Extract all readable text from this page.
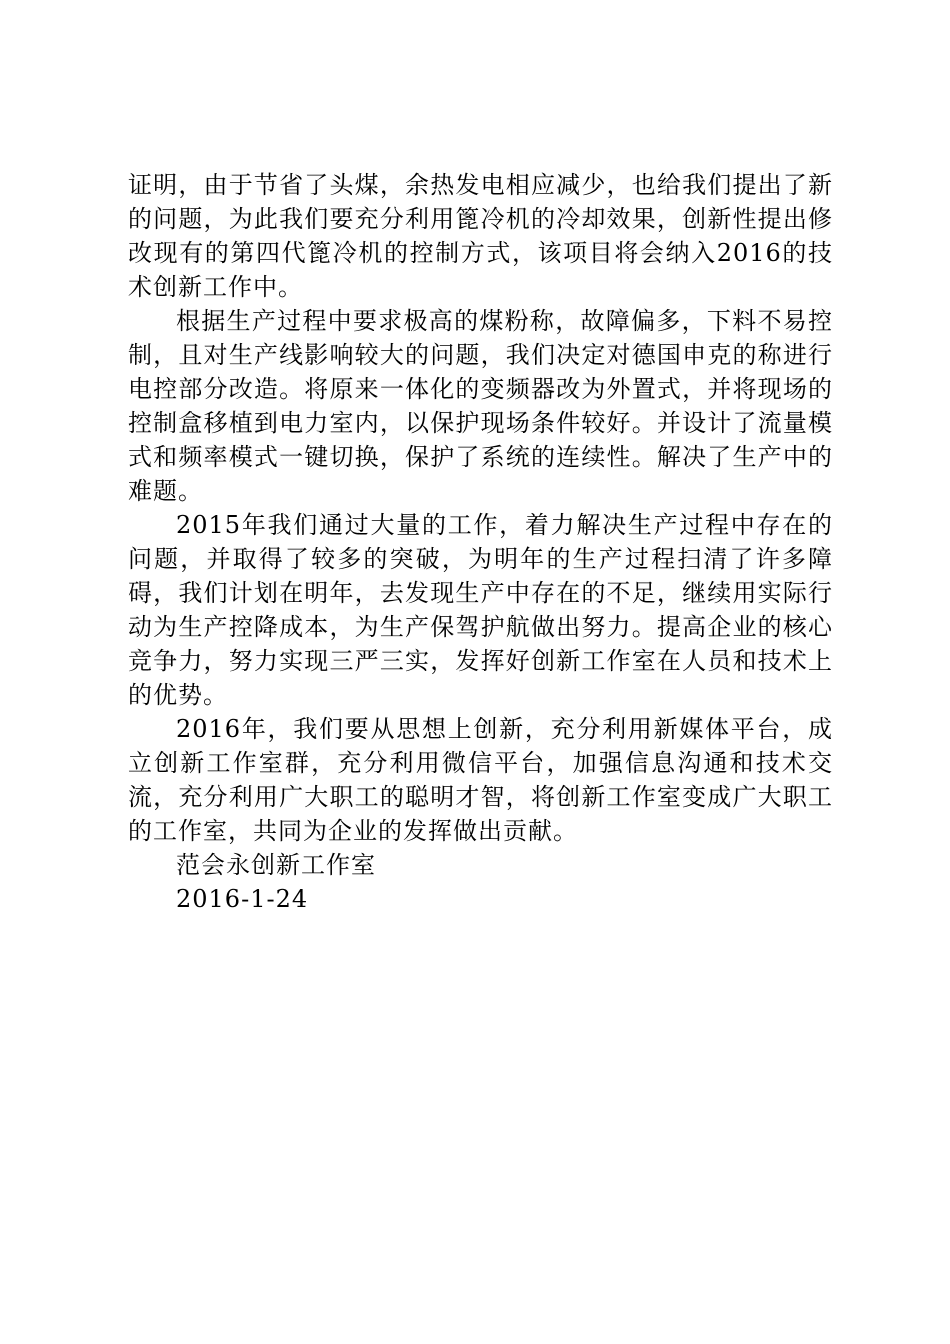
证明，由于节省了头煤，余热发电相应减少，也给我们提出了新的问题，为此我们要充分利用篦冷机的冷却效果，创新性提出修改现有的第四代篦冷机的控制方式，该项目将会纳入2016的技术创新工作中。

根据生产过程中要求极高的煤粉称，故障偏多，下料不易控制，且对生产线影响较大的问题，我们决定对德国申克的称进行电控部分改造。将原来一体化的变频器改为外置式，并将现场的控制盒移植到电力室内，以保护现场条件较好。并设计了流量模式和频率模式一键切换，保护了系统的连续性。解决了生产中的难题。

2015年我们通过大量的工作，着力解决生产过程中存在的问题，并取得了较多的突破，为明年的生产过程扫清了许多障碍，我们计划在明年，去发现生产中存在的不足，继续用实际行动为生产控降成本，为生产保驾护航做出努力。提高企业的核心竞争力，努力实现三严三实，发挥好创新工作室在人员和技术上的优势。

2016年，我们要从思想上创新，充分利用新媒体平台，成立创新工作室群，充分利用微信平台，加强信息沟通和技术交流，充分利用广大职工的聪明才智，将创新工作室变成广大职工的工作室，共同为企业的发挥做出贡献。

范会永创新工作室

2016-1-24
